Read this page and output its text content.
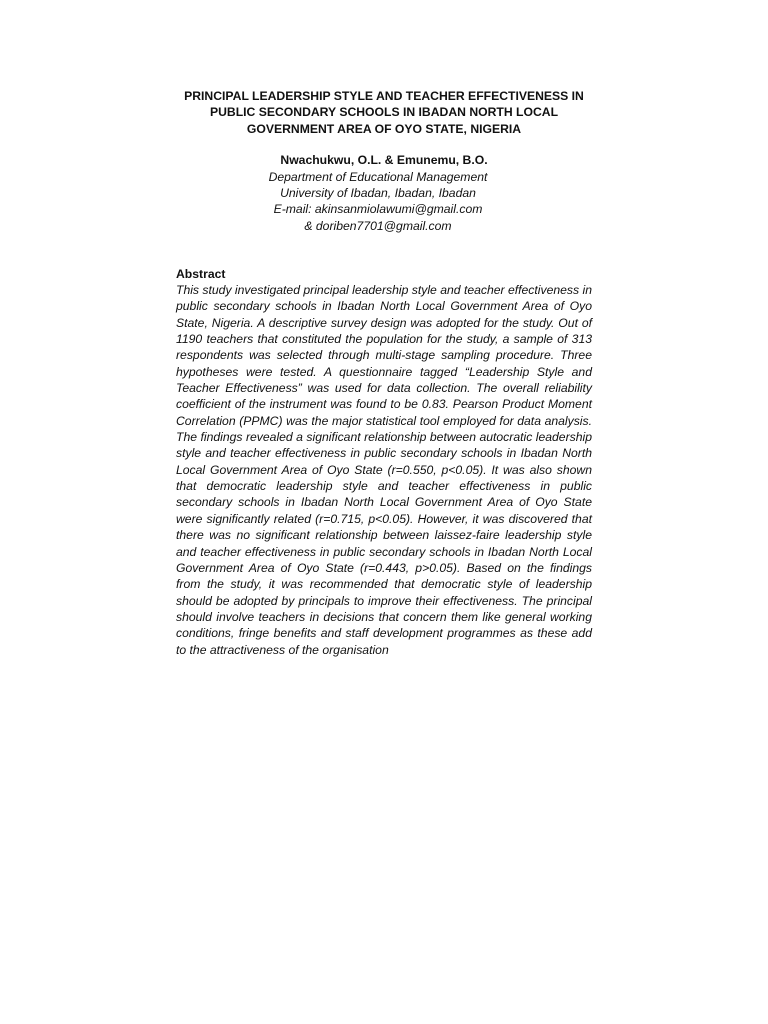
PRINCIPAL LEADERSHIP STYLE AND TEACHER EFFECTIVENESS IN
PUBLIC SECONDARY SCHOOLS IN IBADAN NORTH LOCAL
GOVERNMENT AREA OF OYO STATE, NIGERIA
Nwachukwu, O.L. & Emunemu, B.O.
Department of Educational Management
University of Ibadan, Ibadan, Ibadan
E-mail: akinsanmiolawumi@gmail.com
& doriben7701@gmail.com
Abstract

This study investigated principal leadership style and teacher effectiveness in public secondary schools in Ibadan North Local Government Area of Oyo State, Nigeria. A descriptive survey design was adopted for the study. Out of 1190 teachers that constituted the population for the study, a sample of 313 respondents was selected through multi-stage sampling procedure. Three hypotheses were tested. A questionnaire tagged “Leadership Style and Teacher Effectiveness” was used for data collection. The overall reliability coefficient of the instrument was found to be 0.83. Pearson Product Moment Correlation (PPMC) was the major statistical tool employed for data analysis. The findings revealed a significant relationship between autocratic leadership style and teacher effectiveness in public secondary schools in Ibadan North Local Government Area of Oyo State (r=0.550, p<0.05). It was also shown that democratic leadership style and teacher effectiveness in public secondary schools in Ibadan North Local Government Area of Oyo State were significantly related (r=0.715, p<0.05). However, it was discovered that there was no significant relationship between laissez-faire leadership style and teacher effectiveness in public secondary schools in Ibadan North Local Government Area of Oyo State (r=0.443, p>0.05). Based on the findings from the study, it was recommended that democratic style of leadership should be adopted by principals to improve their effectiveness. The principal should involve teachers in decisions that concern them like general working conditions, fringe benefits and staff development programmes as these add to the attractiveness of the organisation
